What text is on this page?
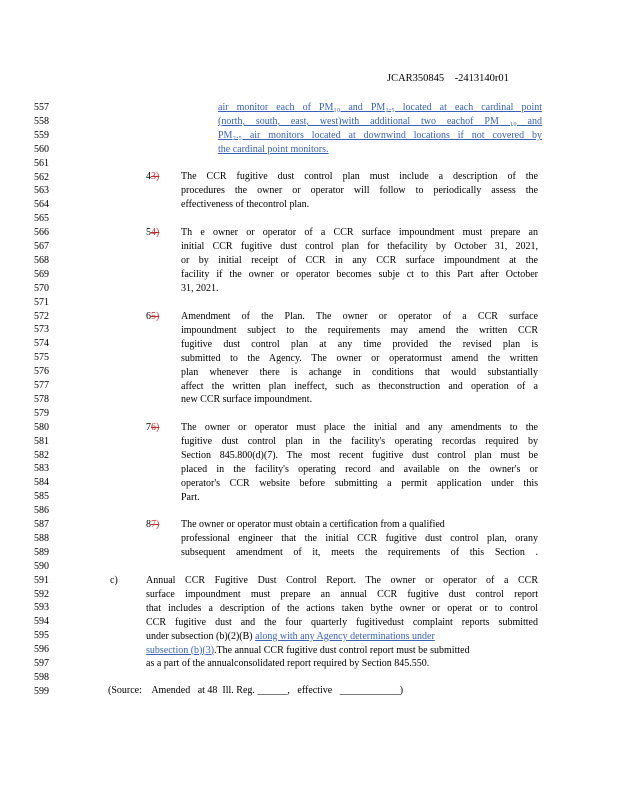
JCAR350845 -2413140r01
557
558
559
560
561
562
563
564
565
566
567
568
569
570
571
572
573
574
575
576
577
578
579
580
581
582
583
584
585
586
587
588
589
590
591
592
593
594
595
596
597
598
599
air monitor each of PM₁₀ and PM₂.₅ located at each cardinal point
(north, south, east, west)with additional two eachof PM ₁₀ and
PM₂.₅ air monitors located at downwind locations if not covered by
the cardinal point monitors.
43) The CCR fugitive dust control plan must include a description of the
procedures the owner or operator will follow to periodically assess the
effectiveness of thecontrol plan.
54) Th e owner or operator of a CCR surface impoundment must prepare an
initial CCR fugitive dust control plan for thefacility by October 31, 2021,
or by initial receipt of CCR in any CCR surface impoundment at the
facility if the owner or operator becomes subje ct to this Part after October
31, 2021.
65) Amendment of the Plan. The owner or operator of a CCR surface
impoundment subject to the requirements may amend the written CCR
fugitive dust control plan at any time provided the revised plan is
submitted to the Agency. The owner or operatormust amend the written
plan whenever there is achange in conditions that would substantially
affect the written plan ineffect, such as theconstruction and operation of a
new CCR surface impoundment.
76) The owner or operator must place the initial and any amendments to the
fugitive dust control plan in the facility's operating recordas required by
Section 845.800(d)(7). The most recent fugitive dust control plan must be
placed in the facility's operating record and available on the owner's or
operator's CCR website before submitting a permit application under this
Part.
87) The owner or operator must obtain a certification from a qualified
professional engineer that the initial CCR fugitive dust control plan, orany
subsequent amendment of it, meets the requirements of this Section .
c)	Annual CCR Fugitive Dust Control Report. The owner or operator of a CCR
surface impoundment must prepare an annual CCR fugitive dust control report
that includes a description of the actions taken bythe owner or operat or to control
CCR fugitive dust and the four quarterly fugitivedust complaint reports submitted
under subsection (b)(2)(B) along with any Agency determinations under
subsection (b)(3).The annual CCR fugitive dust control report must be submitted
as a part of the annualconsolidated report required by Section 845.550.
(Source:    Amended   at 48  Ill. Reg. ______,   effective   ____________)
